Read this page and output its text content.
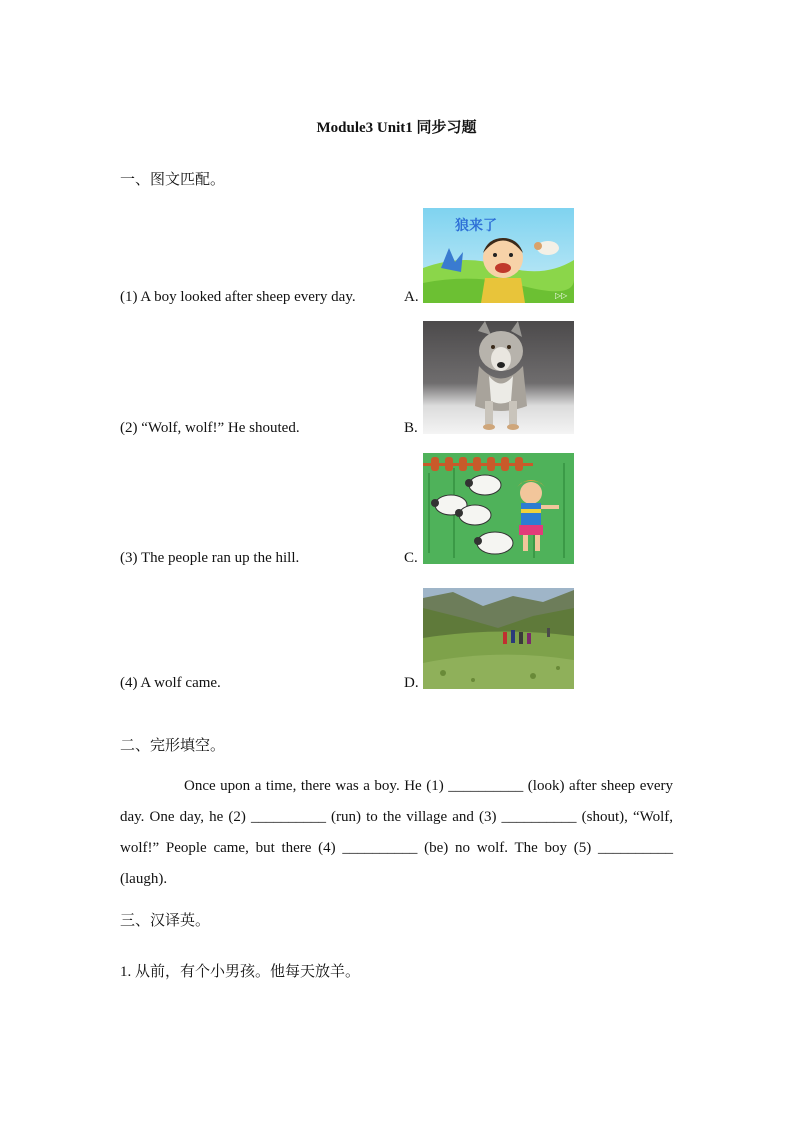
Module3 Unit1 同步习题
一、图文匹配。
(1) A boy looked after sheep every day.	A.
狼来了
▷▷
(2) “Wolf, wolf!” He shouted.	B.
(3) The people ran up the hill.	C.
(4) A wolf came.	D.
二、完形填空。
Once upon a time, there was a boy. He (1) __________ (look) after sheep every day. One day, he (2) __________ (run) to the village and (3) __________ (shout), “Wolf, wolf!” People came, but there (4) __________ (be) no wolf. The boy (5) __________ (laugh).
三、汉译英。
1. 从前，有个小男孩。他每天放羊。
